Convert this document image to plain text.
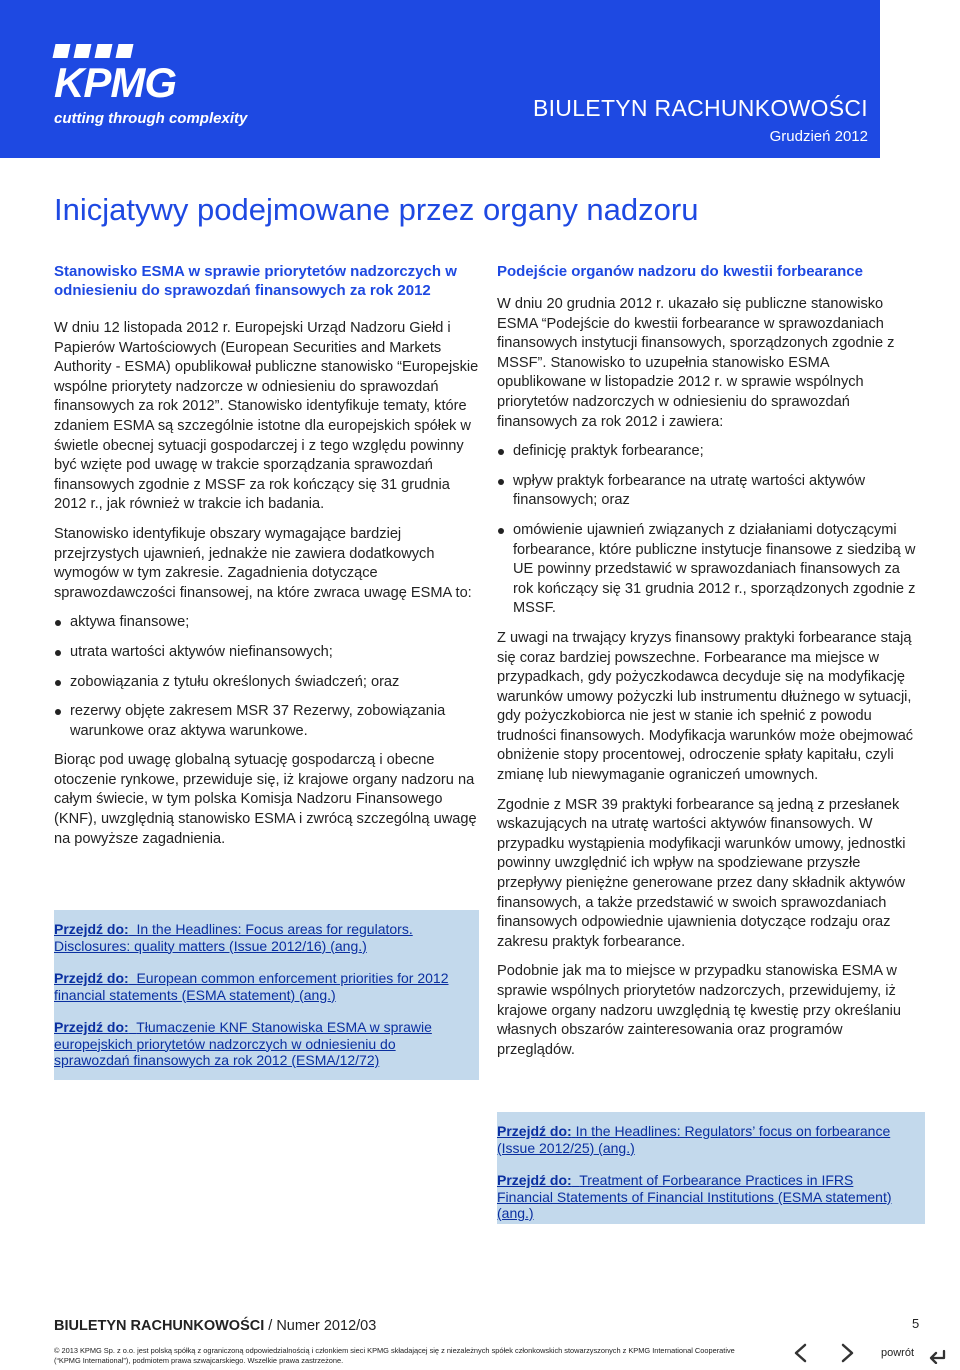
KPMG
cutting through complexity	BIULETYN RACHUNKOWOŚCI
Grudzień 2012
Inicjatywy podejmowane przez organy nadzoru
Stanowisko ESMA w sprawie priorytetów nadzorczych w odniesieniu do sprawozdań finansowych za rok 2012

W dniu 12 listopada 2012 r. Europejski Urząd Nadzoru Giełd i Papierów Wartościowych (European Securities and Markets Authority - ESMA) opublikował publiczne stanowisko “Europejskie wspólne priorytety nadzorcze w odniesieniu do sprawozdań finansowych za rok 2012”. Stanowisko identyfikuje tematy, które zdaniem ESMA są szczególnie istotne dla europejskich spółek w świetle obecnej sytuacji gospodarczej i z tego względu powinny być wzięte pod uwagę w trakcie sporządzania sprawozdań finansowych zgodnie z MSSF za rok kończący się 31 grudnia 2012 r., jak również w trakcie ich badania.

Stanowisko identyfikuje obszary wymagające bardziej przejrzystych ujawnień, jednakże nie zawiera dodatkowych wymogów w tym zakresie. Zagadnienia dotyczące sprawozdawczości finansowej, na które zwraca uwagę ESMA to:

aktywa finansowe;
utrata wartości aktywów niefinansowych;
zobowiązania z tytułu określonych świadczeń; oraz
rezerwy objęte zakresem MSR 37 Rezerwy, zobowiązania warunkowe oraz aktywa warunkowe.

Biorąc pod uwagę globalną sytuację gospodarczą i obecne otoczenie rynkowe, przewiduje się, iż krajowe organy nadzoru na całym świecie, w tym polska Komisja Nadzoru Finansowego (KNF), uwzględnią stanowisko ESMA i zwrócą szczególną uwagę na powyższe zagadnienia.

Przejdź do: In the Headlines: Focus areas for regulators. Disclosures: quality matters (Issue 2012/16) (ang.)
Przejdź do: European common enforcement priorities for 2012 financial statements (ESMA statement) (ang.)
Przejdź do: Tłumaczenie KNF Stanowiska ESMA w sprawie europejskich priorytetów nadzorczych w odniesieniu do sprawozdań finansowych za rok 2012 (ESMA/12/72)
Podejście organów nadzoru do kwestii forbearance

W dniu 20 grudnia 2012 r. ukazało się publiczne stanowisko ESMA “Podejście do kwestii forbearance w sprawozdaniach finansowych instytucji finansowych, sporządzonych zgodnie z MSSF”. Stanowisko to uzupełnia stanowisko ESMA opublikowane w listopadzie 2012 r. w sprawie wspólnych priorytetów nadzorczych w odniesieniu do sprawozdań finansowych za rok 2012 i zawiera:

definicję praktyk forbearance;
wpływ praktyk forbearance na utratę wartości aktywów finansowych; oraz
omówienie ujawnień związanych z działaniami dotyczącymi forbearance, które publiczne instytucje finansowe z siedzibą w UE powinny przedstawić w sprawozdaniach finansowych za rok kończący się 31 grudnia 2012 r., sporządzonych zgodnie z MSSF.

Z uwagi na trwający kryzys finansowy praktyki forbearance stają się coraz bardziej powszechne. Forbearance ma miejsce w przypadkach, gdy pożyczkodawca decyduje się na modyfikację warunków umowy pożyczki lub instrumentu dłużnego w sytuacji, gdy pożyczkobiorca nie jest w stanie ich spełnić z powodu trudności finansowych. Modyfikacja warunków może obejmować obniżenie stopy procentowej, odroczenie spłaty kapitału, czyli zmianę lub niewymaganie ograniczeń umownych.

Zgodnie z MSR 39 praktyki forbearance są jedną z przesłanek wskazujących na utratę wartości aktywów finansowych. W przypadku wystąpienia modyfikacji warunków umowy, jednostki powinny uwzględnić ich wpływ na spodziewane przyszłe przepływy pieniężne generowane przez dany składnik aktywów finansowych, a także przedstawić w swoich sprawozdaniach finansowych odpowiednie ujawnienia dotyczące rodzaju oraz zakresu praktyk forbearance.

Podobnie jak ma to miejsce w przypadku stanowiska ESMA w sprawie wspólnych priorytetów nadzorczych, przewidujemy, iż krajowe organy nadzoru uwzględnią tę kwestię przy określaniu własnych obszarów zainteresowania oraz programów przeglądów.

Przejdź do: In the Headlines: Regulators’ focus on forbearance (Issue 2012/25) (ang.)
Przejdź do: Treatment of Forbearance Practices in IFRS Financial Statements of Financial Institutions (ESMA statement) (ang.)
BIULETYN RACHUNKOWOŚCI / Numer 2012/03	5
© 2013 KPMG Sp. z o.o. jest polską spółką z ograniczoną odpowiedzialnością i członkiem sieci KPMG składającej się z niezależnych spółek członkowskich stowarzyszonych z KPMG International Cooperative (“KPMG International”), podmiotem prawa szwajcarskiego. Wszelkie prawa zastrzeżone.
powrót
